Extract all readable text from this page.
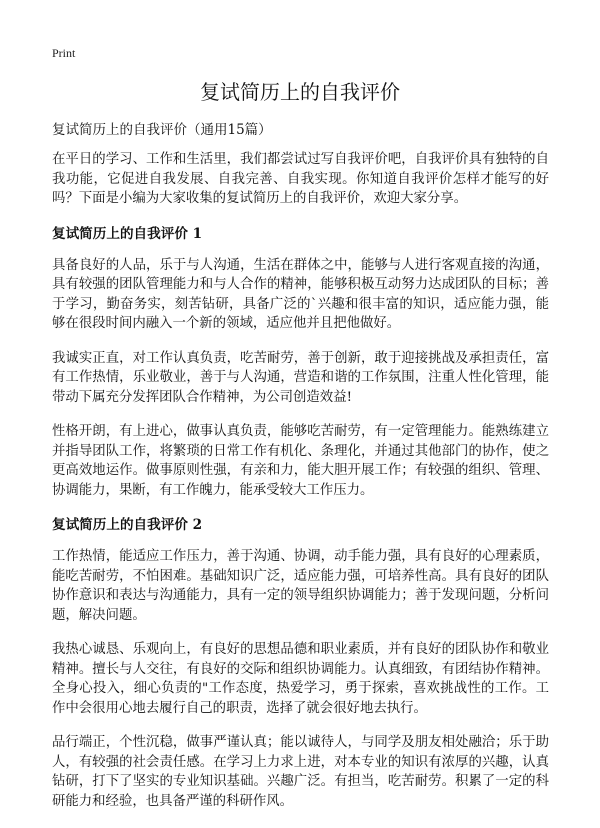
Print
复试简历上的自我评价
复试简历上的自我评价（通用15篇）

在平日的学习、工作和生活里，我们都尝试过写自我评价吧，自我评价具有独特的自我功能，它促进自我发展、自我完善、自我实现。你知道自我评价怎样才能写的好吗？下面是小编为大家收集的复试简历上的自我评价，欢迎大家分享。

复试简历上的自我评价 1

具备良好的人品，乐于与人沟通，生活在群体之中，能够与人进行客观直接的沟通，具有较强的团队管理能力和与人合作的精神，能够积极互动努力达成团队的目标；善于学习，勤奋务实，刻苦钻研，具备广泛的`兴趣和很丰富的知识，适应能力强，能够在很段时间内融入一个新的领域，适应他并且把他做好。

我诚实正直，对工作认真负责，吃苦耐劳，善于创新，敢于迎接挑战及承担责任，富有工作热情，乐业敬业，善于与人沟通，营造和谐的工作氛围，注重人性化管理，能带动下属充分发挥团队合作精神，为公司创造效益!

性格开朗，有上进心，做事认真负责，能够吃苦耐劳，有一定管理能力。能熟练建立并指导团队工作，将繁琐的日常工作有机化、条理化，并通过其他部门的协作，使之更高效地运作。做事原则性强，有亲和力，能大胆开展工作；有较强的组织、管理、协调能力，果断，有工作魄力，能承受较大工作压力。

复试简历上的自我评价 2

工作热情，能适应工作压力，善于沟通、协调，动手能力强，具有良好的心理素质，能吃苦耐劳，不怕困难。基础知识广泛，适应能力强，可培养性高。具有良好的团队协作意识和表达与沟通能力，具有一定的领导组织协调能力；善于发现问题，分析问题，解决问题。

我热心诚恳、乐观向上，有良好的思想品德和职业素质，并有良好的团队协作和敬业精神。擅长与人交往，有良好的交际和组织协调能力。认真细致，有团结协作精神。全身心投入，细心负责的"工作态度，热爱学习，勇于探索，喜欢挑战性的工作。工作中会很用心地去履行自己的职责，选择了就会很好地去执行。

品行端正，个性沉稳，做事严谨认真；能以诚待人，与同学及朋友相处融洽；乐于助人，有较强的社会责任感。在学习上力求上进，对本专业的知识有浓厚的兴趣，认真钻研，打下了坚实的专业知识基础。兴趣广泛。有担当，吃苦耐劳。积累了一定的科研能力和经验，也具备严谨的科研作风。
